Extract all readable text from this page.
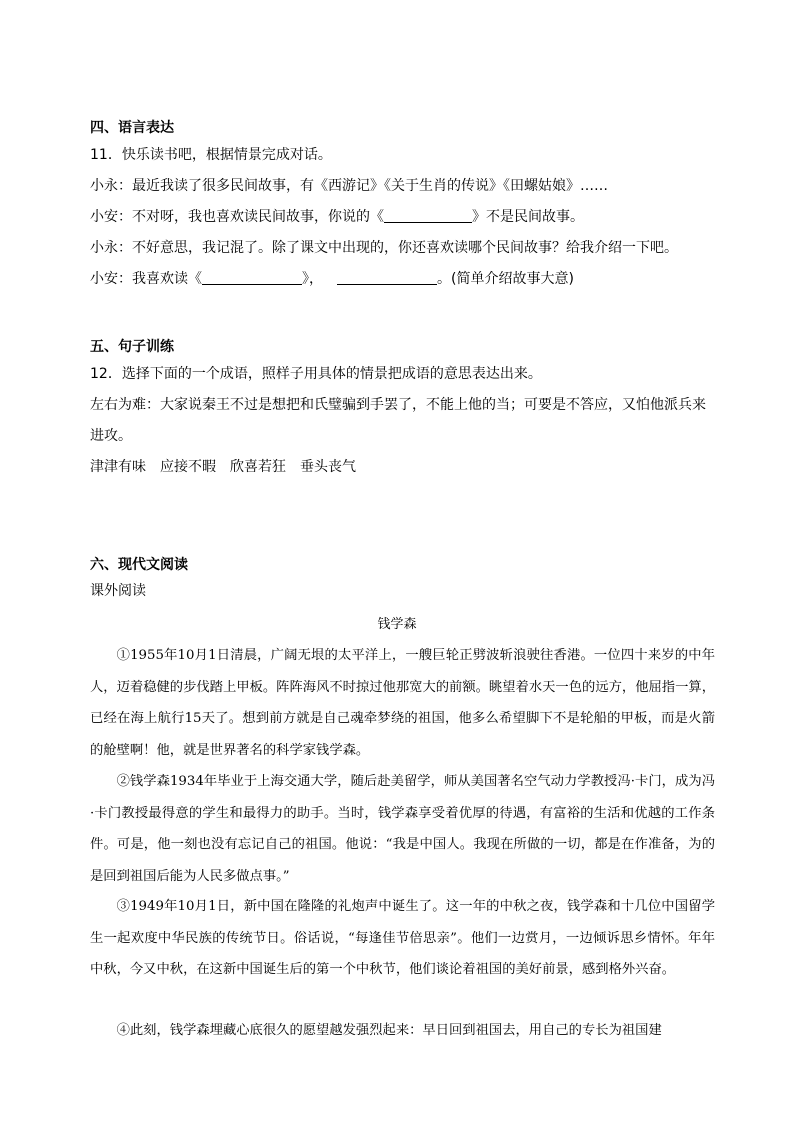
四、语言表达
11．快乐读书吧，根据情景完成对话。
小永：最近我读了很多民间故事，有《西游记》《关于生肖的传说》《田螺姑娘》……
小安：不对呀，我也喜欢读民间故事，你说的《	》不是民间故事。
小永：不好意思，我记混了。除了课文中出现的，你还喜欢读哪个民间故事？给我介绍一下吧。
小安：我喜欢读《	》，	。(简单介绍故事大意)
五、句子训练
12．选择下面的一个成语，照样子用具体的情景把成语的意思表达出来。
左右为难：大家说秦王不过是想把和氏璧骗到手罢了，不能上他的当；可要是不答应，又怕他派兵来
进攻。
津津有味　应接不暇　欣喜若狂　垂头丧气
六、现代文阅读
课外阅读
钱学森

①1955年10月1日清晨，广阔无垠的太平洋上，一艘巨轮正劈波斩浪驶往香港。一位四十来岁的中年人，迈着稳健的步伐踏上甲板。阵阵海风不时掠过他那宽大的前额。眺望着水天一色的远方，他屈指一算，已经在海上航行15天了。想到前方就是自己魂牵梦绕的祖国，他多么希望脚下不是轮船的甲板，而是火箭的舱壁啊！他，就是世界著名的科学家钱学森。

②钱学森1934年毕业于上海交通大学，随后赴美留学，师从美国著名空气动力学教授冯·卡门，成为冯·卡门教授最得意的学生和最得力的助手。当时，钱学森享受着优厚的待遇，有富裕的生活和优越的工作条件。可是，他一刻也没有忘记自己的祖国。他说：“我是中国人。我现在所做的一切，都是在作准备，为的是回到祖国后能为人民多做点事。”

③1949年10月1日，新中国在隆隆的礼炮声中诞生了。这一年的中秋之夜，钱学森和十几位中国留学生一起欢度中华民族的传统节日。俗话说，“每逢佳节倍思亲”。他们一边赏月，一边倾诉思乡情怀。年年中秋，今又中秋，在这新中国诞生后的第一个中秋节，他们谈论着祖国的美好前景，感到格外兴奋。

④此刻，钱学森埋藏心底很久的愿望越发强烈起来：早日回到祖国去，用自己的专长为祖国建
